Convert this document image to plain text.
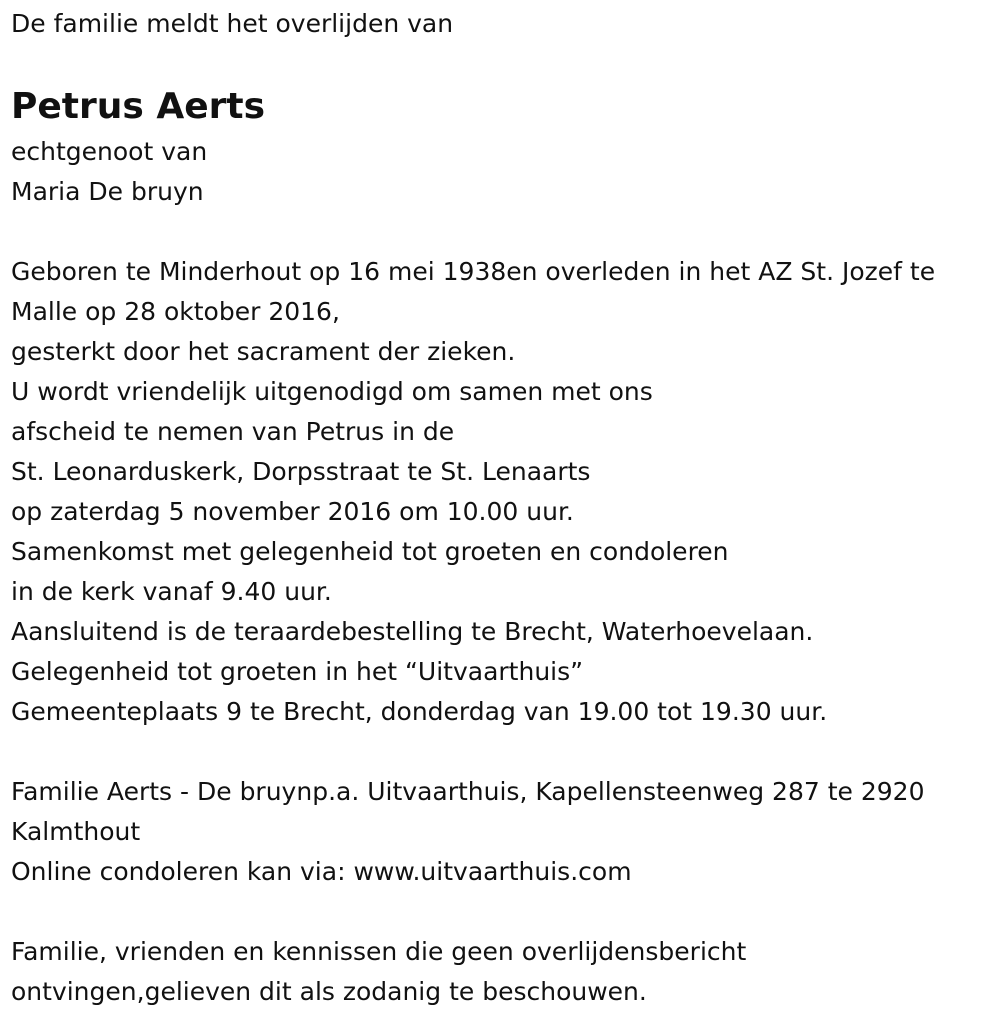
De familie meldt het overlijden van
Petrus Aerts
echtgenoot van
Maria De bruyn
Geboren te Minderhout op 16 mei 1938en overleden in het AZ St. Jozef te
Malle op 28 oktober 2016,
gesterkt door het sacrament der zieken.
U wordt vriendelijk uitgenodigd om samen met ons
afscheid te nemen van Petrus in de
St. Leonarduskerk, Dorpsstraat te St. Lenaarts
op zaterdag 5 november 2016 om 10.00 uur.
Samenkomst met gelegenheid tot groeten en condoleren
in de kerk vanaf 9.40 uur.
Aansluitend is de teraardebestelling te Brecht, Waterhoevelaan.
Gelegenheid tot groeten in het “Uitvaarthuis”
Gemeenteplaats 9 te Brecht, donderdag van 19.00 tot 19.30 uur.
Familie Aerts - De bruynp.a. Uitvaarthuis, Kapellensteenweg 287 te 2920
Kalmthout
Online condoleren kan via: www.uitvaarthuis.com
Familie, vrienden en kennissen die geen overlijdensbericht
ontvingen,gelieven dit als zodanig te beschouwen.
